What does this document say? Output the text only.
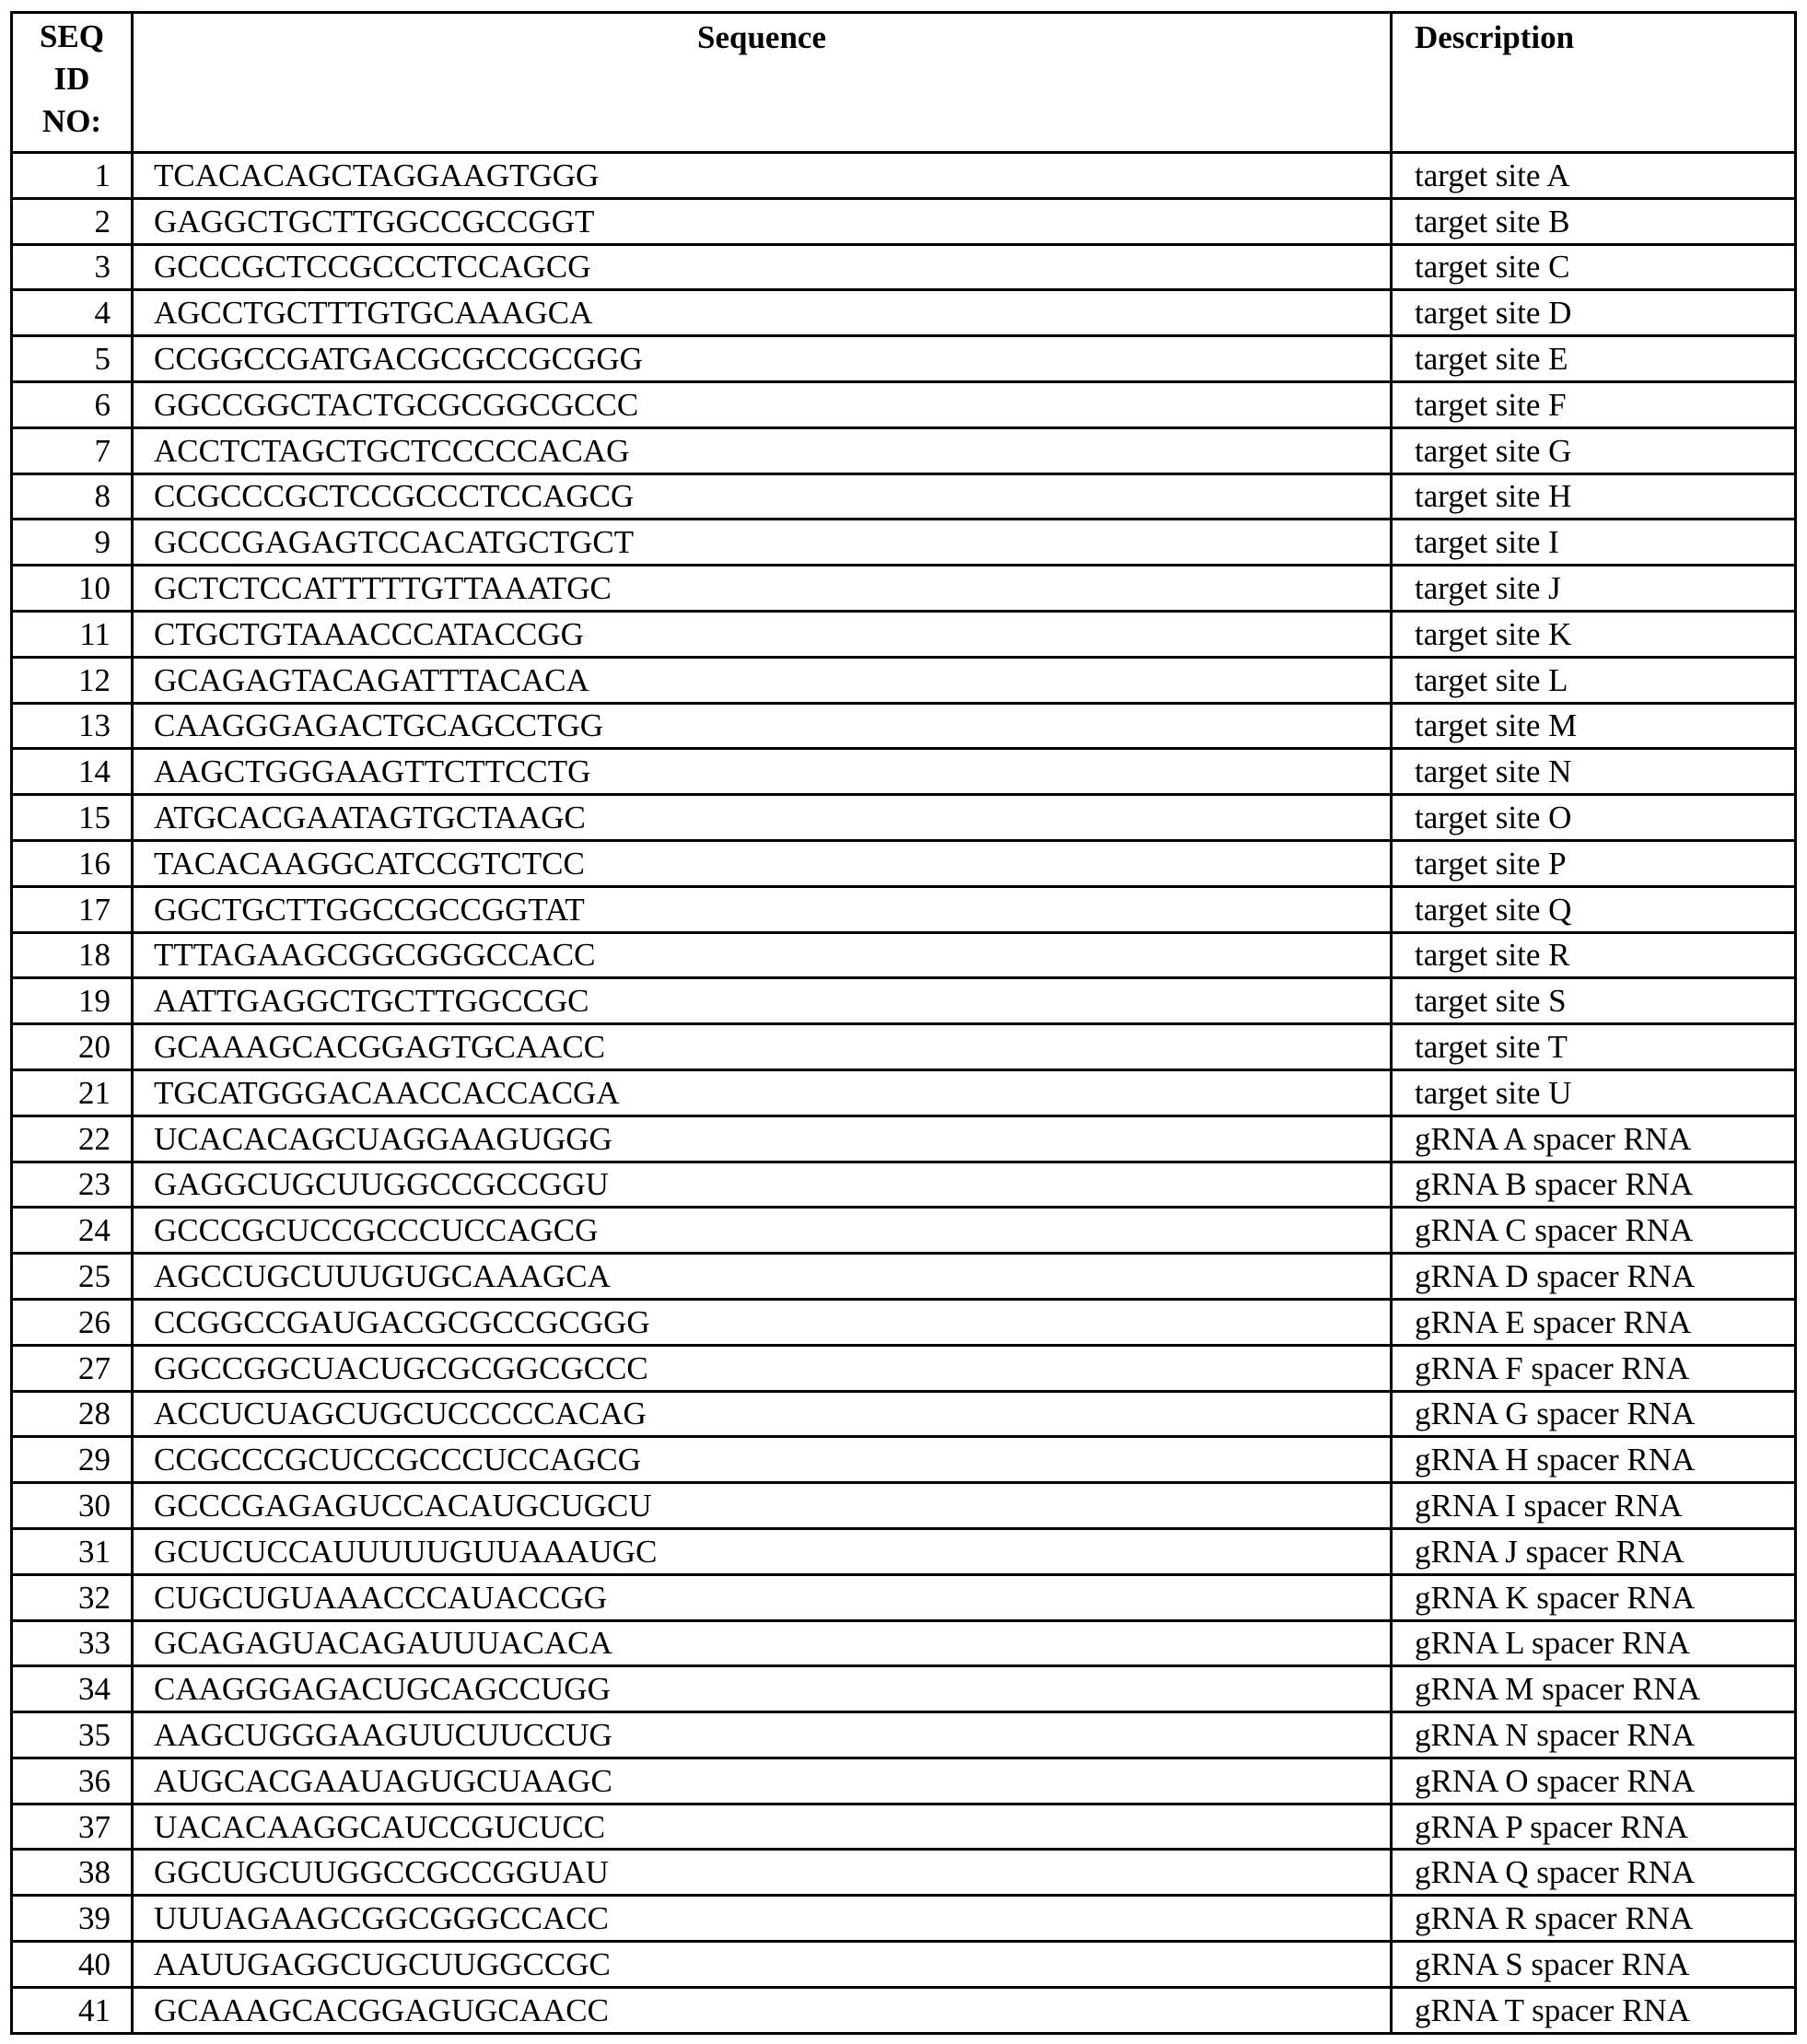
SEQ
ID
NO:	Sequence	Description
1	TCACACAGCTAGGAAGTGGG	target site A
2	GAGGCTGCTTGGCCGCCGGT	target site B
3	GCCCGCTCCGCCCTCCAGCG	target site C
4	AGCCTGCTTTGTGCAAAGCA	target site D
5	CCGGCCGATGACGCGCCGCGGG	target site E
6	GGCCGGCTACTGCGCGGCGCCC	target site F
7	ACCTCTAGCTGCTCCCCCACAG	target site G
8	CCGCCCGCTCCGCCCTCCAGCG	target site H
9	GCCCGAGAGTCCACATGCTGCT	target site I
10	GCTCTCCATTTTTGTTAAATGC	target site J
11	CTGCTGTAAACCCATACCGG	target site K
12	GCAGAGTACAGATTTACACA	target site L
13	CAAGGGAGACTGCAGCCTGG	target site M
14	AAGCTGGGAAGTTCTTCCTG	target site N
15	ATGCACGAATAGTGCTAAGC	target site O
16	TACACAAGGCATCCGTCTCC	target site P
17	GGCTGCTTGGCCGCCGGTAT	target site Q
18	TTTAGAAGCGGCGGGCCACC	target site R
19	AATTGAGGCTGCTTGGCCGC	target site S
20	GCAAAGCACGGAGTGCAACC	target site T
21	TGCATGGGACAACCACCACGA	target site U
22	UCACACAGCUAGGAAGUGGG	gRNA A spacer RNA
23	GAGGCUGCUUGGCCGCCGGU	gRNA B spacer RNA
24	GCCCGCUCCGCCCUCCAGCG	gRNA C spacer RNA
25	AGCCUGCUUUGUGCAAAGCA	gRNA D spacer RNA
26	CCGGCCGAUGACGCGCCGCGGG	gRNA E spacer RNA
27	GGCCGGCUACUGCGCGGCGCCC	gRNA F spacer RNA
28	ACCUCUAGCUGCUCCCCCACAG	gRNA G spacer RNA
29	CCGCCCGCUCCGCCCUCCAGCG	gRNA H spacer RNA
30	GCCCGAGAGUCCACAUGCUGCU	gRNA I spacer RNA
31	GCUCUCCAUUUUUGUUAAAUGC	gRNA J spacer RNA
32	CUGCUGUAAACCCAUACCGG	gRNA K spacer RNA
33	GCAGAGUACAGAUUUACACA	gRNA L spacer RNA
34	CAAGGGAGACUGCAGCCUGG	gRNA M spacer RNA
35	AAGCUGGGAAGUUCUUCCUG	gRNA N spacer RNA
36	AUGCACGAAUAGUGCUAAGC	gRNA O spacer RNA
37	UACACAAGGCAUCCGUCUCC	gRNA P spacer RNA
38	GGCUGCUUGGCCGCCGGUAU	gRNA Q spacer RNA
39	UUUAGAAGCGGCGGGCCACC	gRNA R spacer RNA
40	AAUUGAGGCUGCUUGGCCGC	gRNA S spacer RNA
41	GCAAAGCACGGAGUGCAACC	gRNA T spacer RNA
